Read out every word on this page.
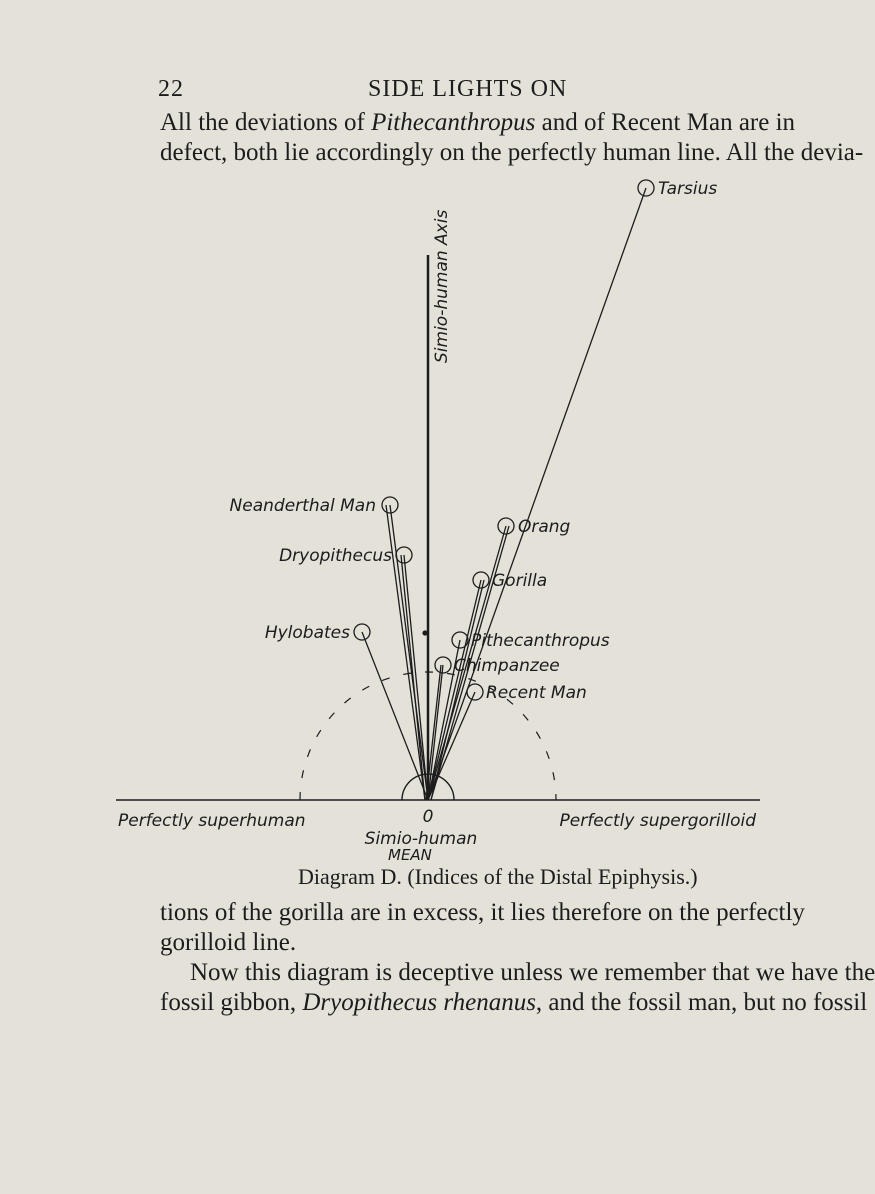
22	SIDE LIGHTS ON
All the deviations of Pithecanthropus and of Recent Man are in
defect, both lie accordingly on the perfectly human line. All the devia-
Simio-human Axis
Tarsius
Neanderthal Man
Orang
Dryopithecus
Gorilla
Hylobates	Pithecanthropus
Chimpanzee
Recent Man
Perfectly superhuman	Perfectly supergorilloid
0
Simio-human
MEAN
Diagram D. (Indices of the Distal Epiphysis.)
tions of the gorilla are in excess, it lies therefore on the perfectly
gorilloid line.
Now this diagram is deceptive unless we remember that we have the
fossil gibbon, Dryopithecus rhenanus, and the fossil man, but no fossil
